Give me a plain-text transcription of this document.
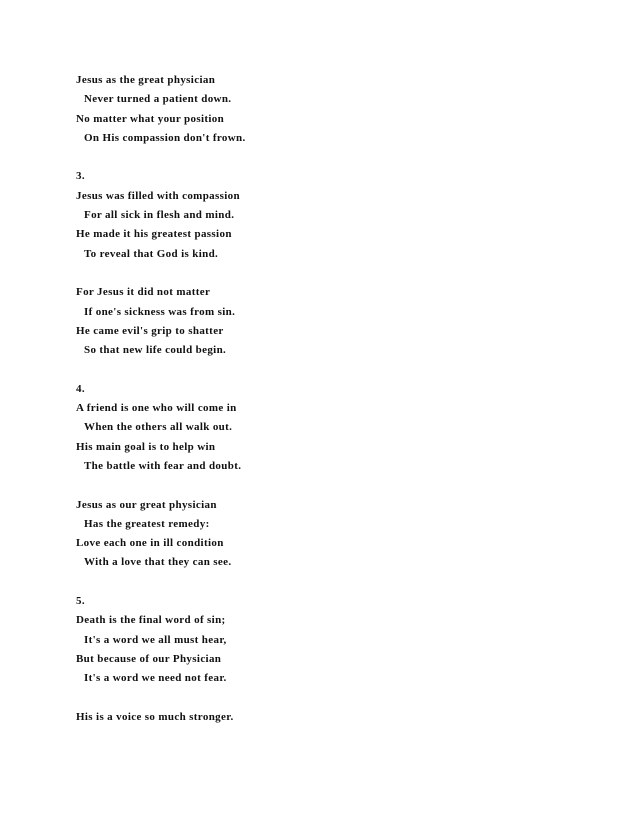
Jesus as the great physician
Never turned a patient down.
No matter what your position
On His compassion don't frown.
3.
Jesus was filled with compassion
For all sick in flesh and mind.
He made it his greatest passion
To reveal that God is kind.
For Jesus it did not matter
If one's sickness was from sin.
He came evil's grip to shatter
So that new life could begin.
4.
A friend is one who will come in
When the others all walk out.
His main goal is to help win
The battle with fear and doubt.
Jesus as our great physician
Has the greatest remedy:
Love each one in ill condition
With a love that they can see.
5.
Death is the final word of sin;
It's a word we all must hear,
But because of our Physician
It's a word we need not fear.
His is a voice so much stronger.
